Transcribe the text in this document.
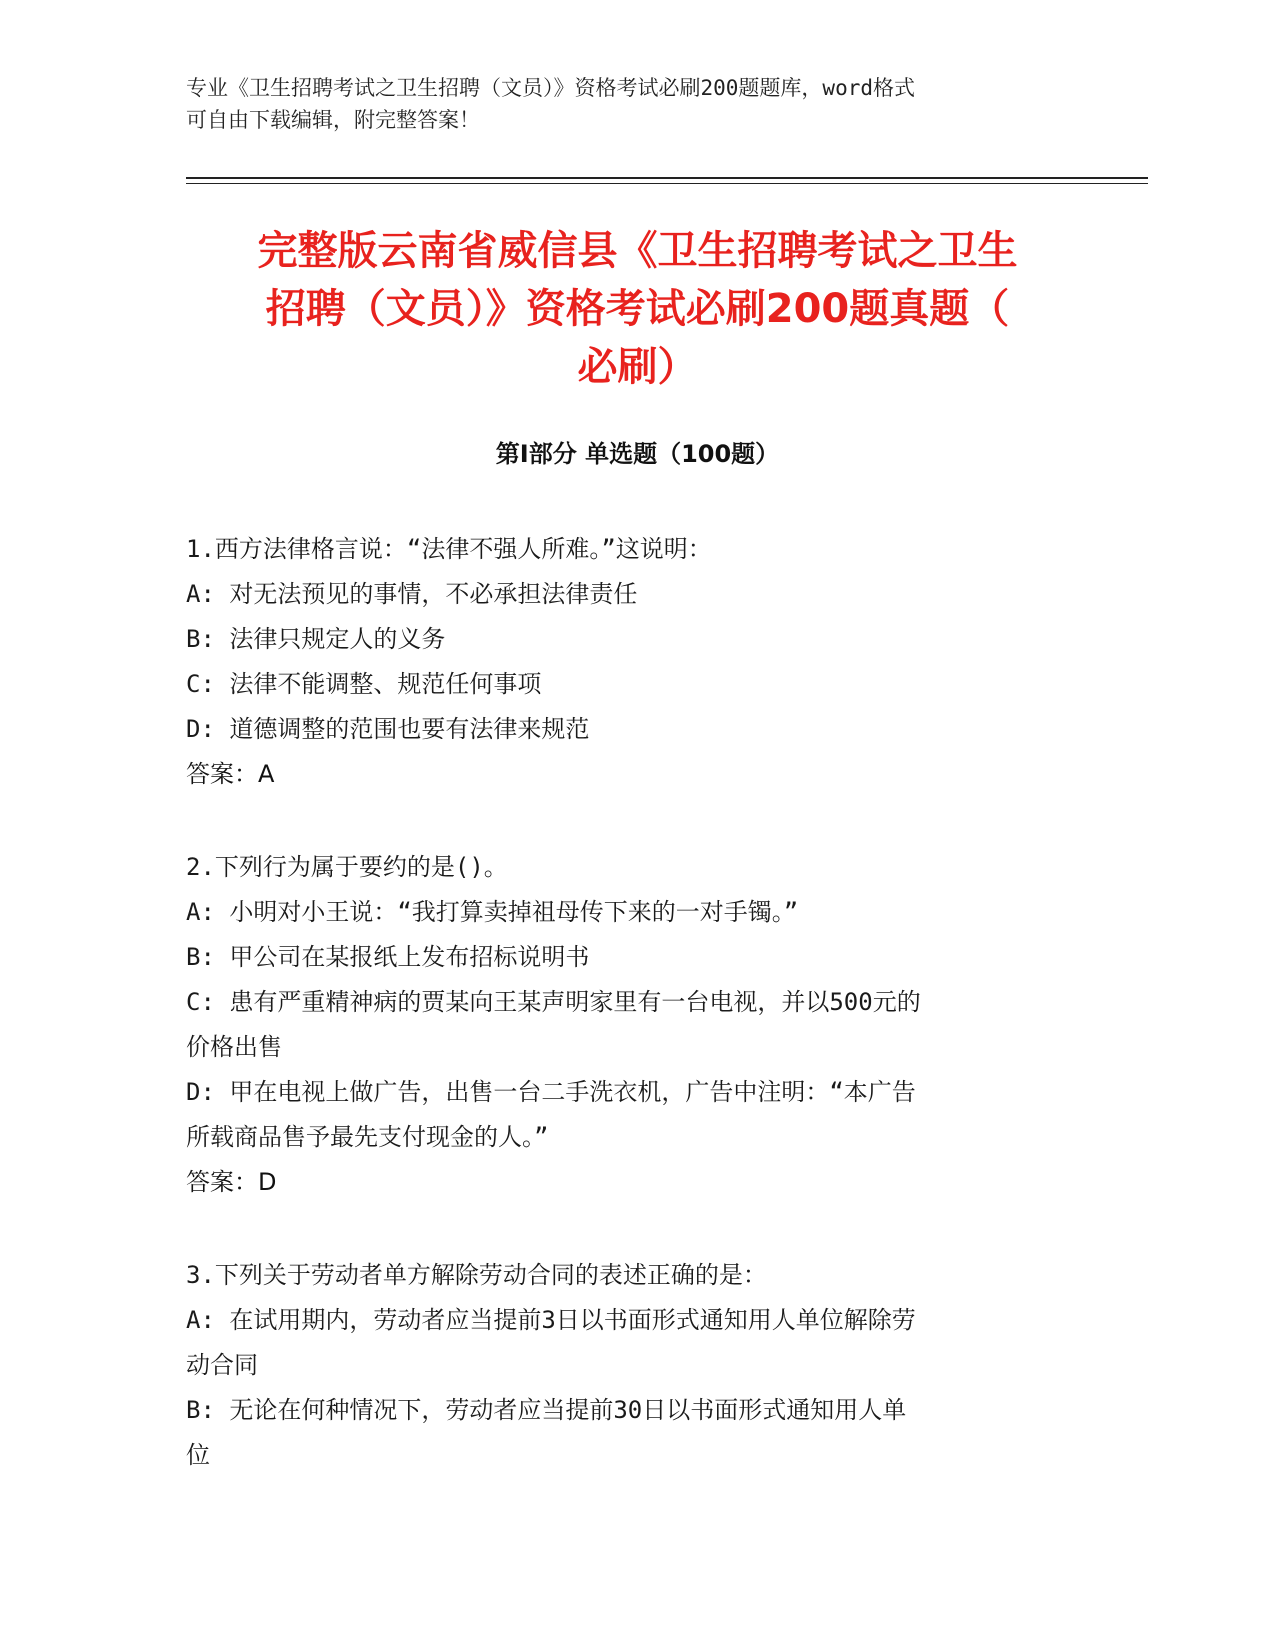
专业《卫生招聘考试之卫生招聘（文员）》资格考试必刷200题题库，word格式
可自由下载编辑，附完整答案！
完整版云南省威信县《卫生招聘考试之卫生
招聘（文员）》资格考试必刷200题真题（
必刷）
第Ⅰ部分 单选题（100题）
1.西方法律格言说：“法律不强人所难。”这说明：
A: 对无法预见的事情，不必承担法律责任
B: 法律只规定人的义务
C: 法律不能调整、规范任何事项
D: 道德调整的范围也要有法律来规范
答案：A
2.下列行为属于要约的是()。
A: 小明对小王说：“我打算卖掉祖母传下来的一对手镯。”
B: 甲公司在某报纸上发布招标说明书
C: 患有严重精神病的贾某向王某声明家里有一台电视，并以500元的
价格出售
D: 甲在电视上做广告，出售一台二手洗衣机，广告中注明：“本广告
所载商品售予最先支付现金的人。”
答案：D
3.下列关于劳动者单方解除劳动合同的表述正确的是：
A: 在试用期内，劳动者应当提前3日以书面形式通知用人单位解除劳
动合同
B: 无论在何种情况下，劳动者应当提前30日以书面形式通知用人单
位
